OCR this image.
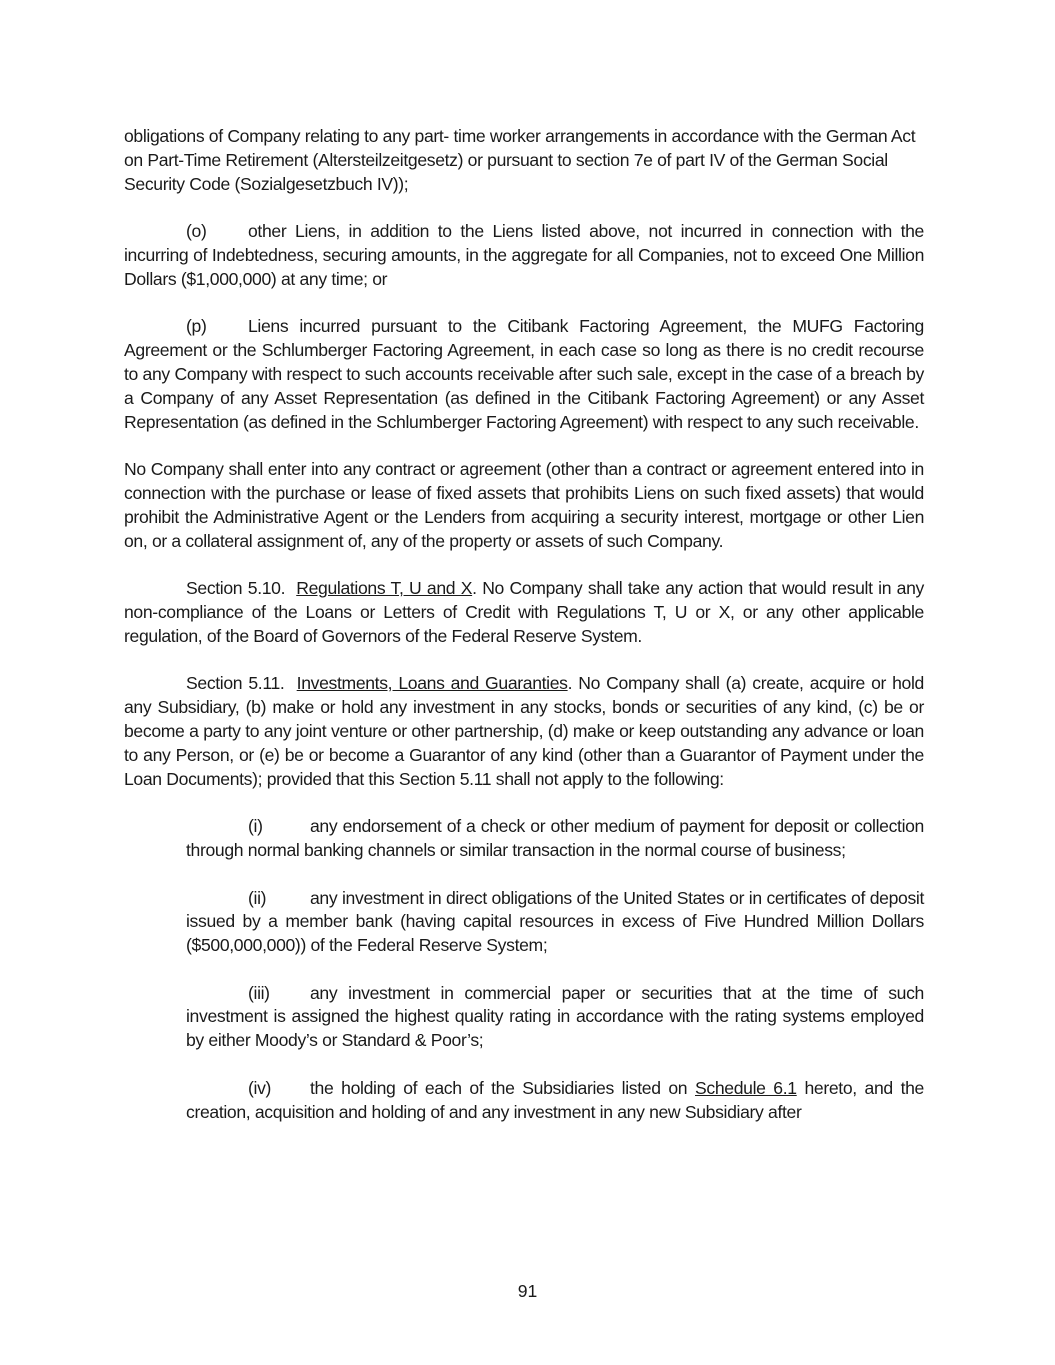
obligations of Company relating to any part- time worker arrangements in accordance with the German Act on Part-Time Retirement (Altersteilzeitgesetz) or pursuant to section 7e of part IV of the German Social Security Code (Sozialgesetzbuch IV));

(o) other Liens, in addition to the Liens listed above, not incurred in connection with the incurring of Indebtedness, securing amounts, in the aggregate for all Companies, not to exceed One Million Dollars ($1,000,000) at any time; or

(p) Liens incurred pursuant to the Citibank Factoring Agreement, the MUFG Factoring Agreement or the Schlumberger Factoring Agreement, in each case so long as there is no credit recourse to any Company with respect to such accounts receivable after such sale, except in the case of a breach by a Company of any Asset Representation (as defined in the Citibank Factoring Agreement) or any Asset Representation (as defined in the Schlumberger Factoring Agreement) with respect to any such receivable.

No Company shall enter into any contract or agreement (other than a contract or agreement entered into in connection with the purchase or lease of fixed assets that prohibits Liens on such fixed assets) that would prohibit the Administrative Agent or the Lenders from acquiring a security interest, mortgage or other Lien on, or a collateral assignment of, any of the property or assets of such Company.

Section 5.10. Regulations T, U and X. No Company shall take any action that would result in any non-compliance of the Loans or Letters of Credit with Regulations T, U or X, or any other applicable regulation, of the Board of Governors of the Federal Reserve System.

Section 5.11. Investments, Loans and Guaranties. No Company shall (a) create, acquire or hold any Subsidiary, (b) make or hold any investment in any stocks, bonds or securities of any kind, (c) be or become a party to any joint venture or other partnership, (d) make or keep outstanding any advance or loan to any Person, or (e) be or become a Guarantor of any kind (other than a Guarantor of Payment under the Loan Documents); provided that this Section 5.11 shall not apply to the following:

(i)	any endorsement of a check or other medium of payment for deposit or collection through normal banking channels or similar transaction in the normal course of business;

(ii) any investment in direct obligations of the United States or in certificates of deposit issued by a member bank (having capital resources in excess of Five Hundred Million Dollars ($500,000,000)) of the Federal Reserve System;

(iii) any investment in commercial paper or securities that at the time of such investment is assigned the highest quality rating in accordance with the rating systems employed by either Moody’s or Standard & Poor’s;

(iv) the holding of each of the Subsidiaries listed on Schedule 6.1 hereto, and the creation, acquisition and holding of and any investment in any new Subsidiary after

91
